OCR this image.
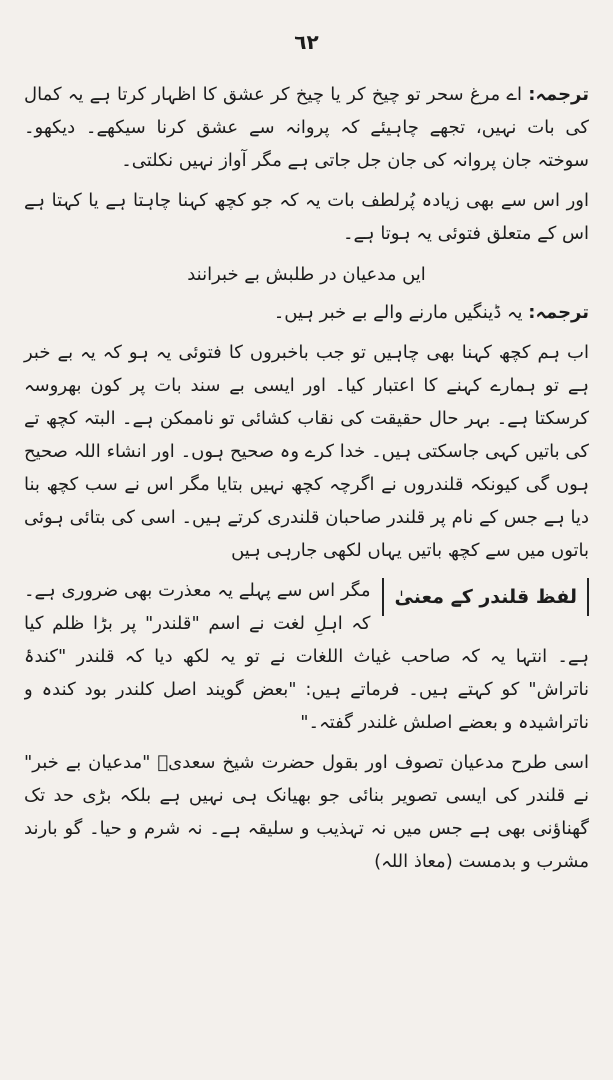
٦٢

ترجمہ: اے مرغ سحر تو چیخ کر یا چیخ کر عشق کا اظہار کرتا ہے یہ کمال کی بات نہیں، تجھے چاہیئے کہ پروانہ سے عشق کرنا سیکھے۔ دیکھو۔ سوختہ جان پروانہ کی جان جل جاتی ہے مگر آواز نہیں نکلتی۔

اور اس سے بھی زیادہ پُرلطف بات یہ کہ جو کچھ کہنا چاہتا ہے یا کہتا ہے اس کے متعلق فتوئی یہ ہوتا ہے۔

ایں مدعیان در طلبش بے خبرانند

ترجمہ: یہ ڈینگیں مارنے والے بے خبر ہیں۔

اب ہم کچھ کہنا بھی چاہیں تو جب باخبروں کا فتوئی یہ ہو کہ یہ بے خبر ہے تو ہمارے کہنے کا اعتبار کیا۔ اور ایسی بے سند بات پر کون بھروسہ کرسکتا ہے۔ بہر حال حقیقت کی نقاب کشائی تو ناممکن ہے۔ البتہ کچھ تے کی باتیں کہی جاسکتی ہیں۔ خدا کرے وہ صحیح ہوں۔ اور انشاء اللہ صحیح ہوں گی کیونکہ قلندروں نے اگرچہ کچھ نہیں بتایا مگر اس نے سب کچھ بنا دیا ہے جس کے نام پر قلندر صاحبان قلندری کرتے ہیں۔ اسی کی بتائی ہوئی باتوں میں سے کچھ باتیں یہاں لکھی جارہی ہیں

لفظ قلندر کے معنیٰ

مگر اس سے پہلے یہ معذرت بھی ضروری ہے۔ کہ اہلِ لغت نے اسم "قلندر" پر بڑا ظلم کیا ہے۔ انتہا یہ کہ صاحب غیاث اللغات نے تو یہ لکھ دیا کہ قلندر "کندۂ ناتراش" کو کہتے ہیں۔ فرماتے ہیں: "بعض گویند اصل کلندر بود کندہ و ناتراشیدہ و بعضے اصلش غلندر گفتہ۔"

اسی طرح مدعیان تصوف اور بقول حضرت شیخ سعدیؒ "مدعیان بے خبر" نے قلندر کی ایسی تصویر بنائی جو بھیانک ہی نہیں ہے بلکہ بڑی حد تک گھناؤنی بھی ہے جس میں نہ تہذیب و سلیقہ ہے۔ نہ شرم و حیا۔ گو بارند مشرب و بدمست (معاذ اللہ)
